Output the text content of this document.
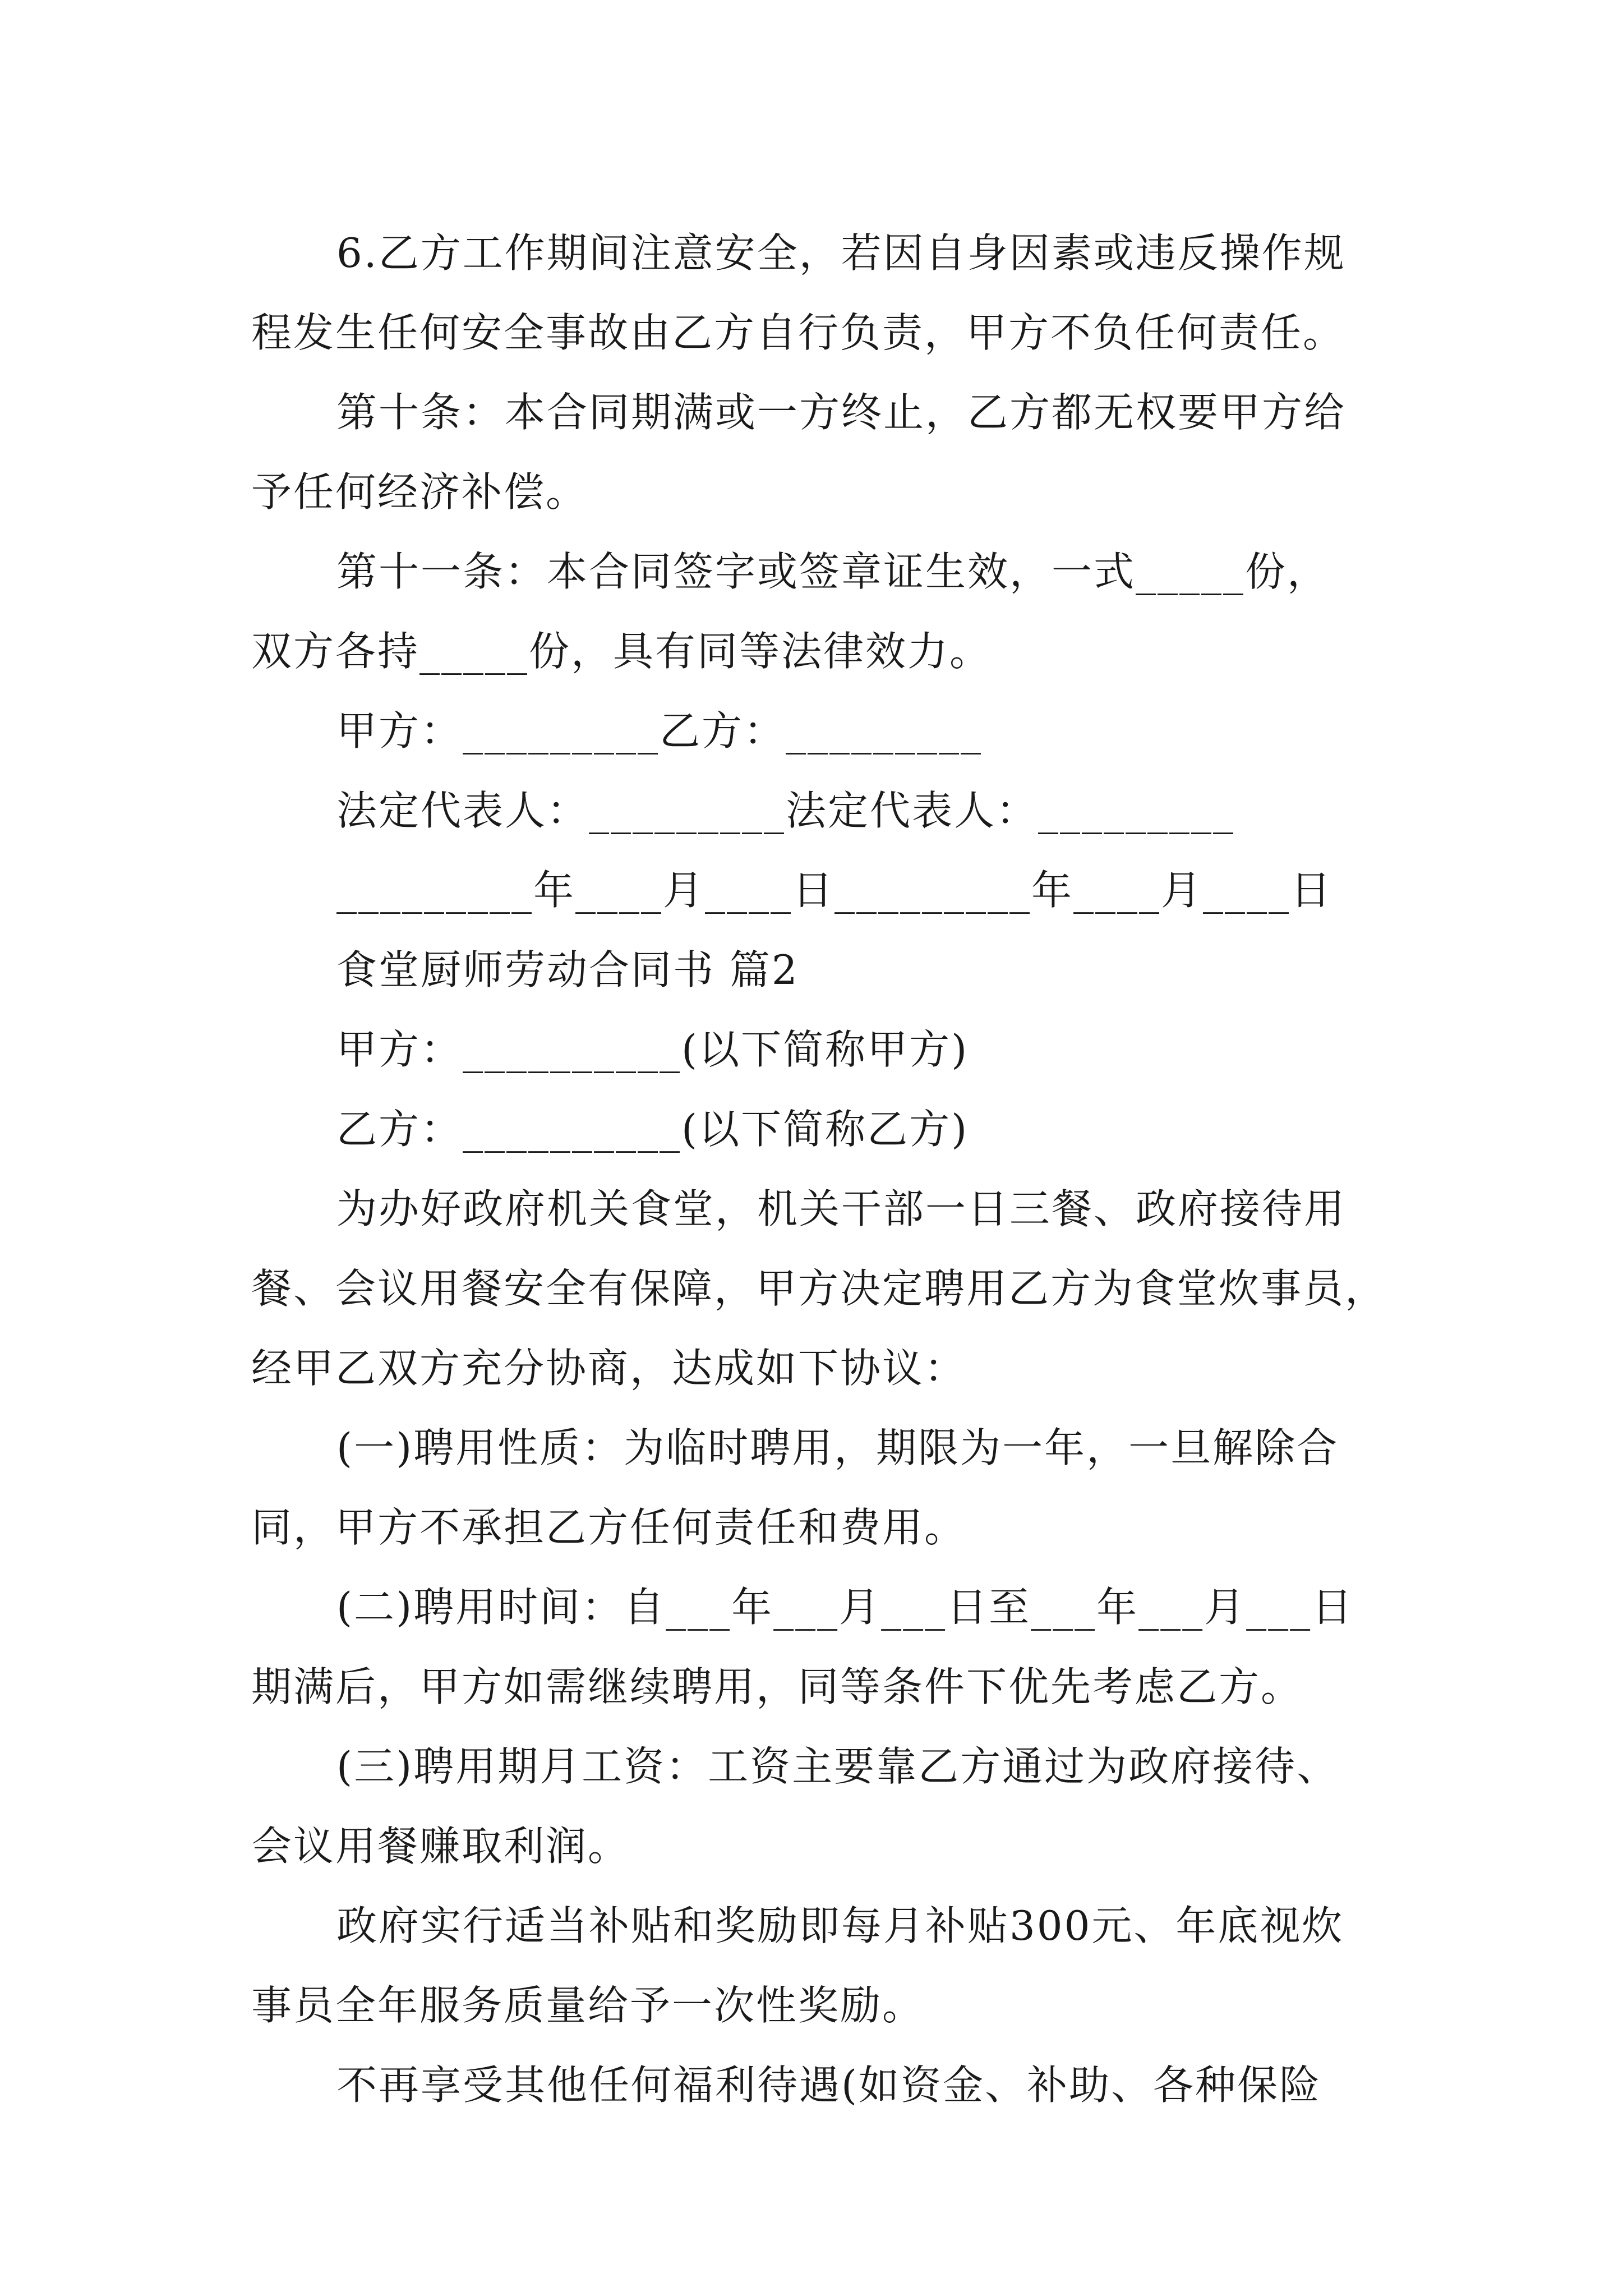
6.乙方工作期间注意安全，若因自身因素或违反操作规
程发生任何安全事故由乙方自行负责，甲方不负任何责任。
第十条：本合同期满或一方终止，乙方都无权要甲方给
予任何经济补偿。
第十一条：本合同签字或签章证生效，一式_____份，
双方各持_____份，具有同等法律效力。
甲方：_________乙方：_________
法定代表人：_________法定代表人：_________
_________年____月____日_________年____月____日
食堂厨师劳动合同书 篇2
甲方：__________(以下简称甲方)
乙方：__________(以下简称乙方)
为办好政府机关食堂，机关干部一日三餐、政府接待用
餐、会议用餐安全有保障，甲方决定聘用乙方为食堂炊事员，
经甲乙双方充分协商，达成如下协议：
(一)聘用性质：为临时聘用，期限为一年，一旦解除合
同，甲方不承担乙方任何责任和费用。
(二)聘用时间：自___年___月___日至___年___月___日
期满后，甲方如需继续聘用，同等条件下优先考虑乙方。
(三)聘用期月工资：工资主要靠乙方通过为政府接待、
会议用餐赚取利润。
政府实行适当补贴和奖励即每月补贴300元、年底视炊
事员全年服务质量给予一次性奖励。
不再享受其他任何福利待遇(如资金、补助、各种保险
